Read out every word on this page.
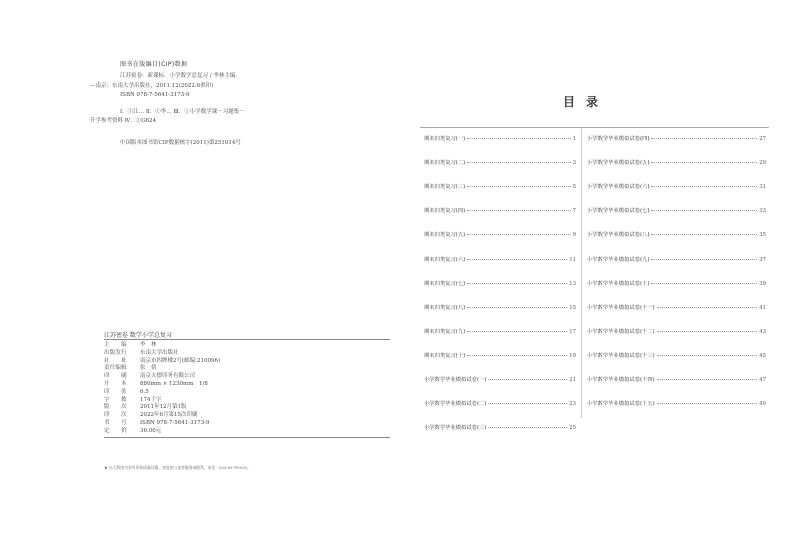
图书在版编目(CIP)数据
江苏密卷：新课标．小学数学总复习 / 李林主编．
—南京：东南大学出版社，2011.12(2022.6重印)
ISBN 978-7-5641-3173-9
Ⅰ．①江… Ⅱ．①李… Ⅲ．①小学数学课－习题集－
升学参考资料 Ⅳ．①G624
中国版本图书馆CIP数据核字(2011)第251014号
江苏密卷 数学小学总复习
主　　编	李　林
出版发行	东南大学出版社
社　　址	南京市四牌楼2号(邮编:210096)
责任编辑	张　倩
印　　刷	南京天德印务有限公司
开　　本	880mm × 1230mm　1/8
印　　张	6.5
字　　数	174千字
版　　次	2011年12月第1版
印　　次	2022年6月第15次印刷
书　　号	ISBN 978-7-5641-3173-9
定　　价	36.00元
★ 东大版图书若有印装质量问题，请直接与读者服务部联系，电话：025-83790525。
目录
期末归类复习(一)	1
期末归类复习(二)	3
期末归类复习(三)	5
期末归类复习(四)	7
期末归类复习(五)	9
期末归类复习(六)	11
期末归类复习(七)	13
期末归类复习(八)	15
期末归类复习(九)	17
期末归类复习(十)	19
小学数学毕业模拟试卷(一)	21
小学数学毕业模拟试卷(二)	23
小学数学毕业模拟试卷(三)	25
小学数学毕业模拟试卷(四)	27
小学数学毕业模拟试卷(五)	29
小学数学毕业模拟试卷(六)	31
小学数学毕业模拟试卷(七)	33
小学数学毕业模拟试卷(八)	35
小学数学毕业模拟试卷(九)	37
小学数学毕业模拟试卷(十)	39
小学数学毕业模拟试卷(十一)	41
小学数学毕业模拟试卷(十二)	43
小学数学毕业模拟试卷(十三)	45
小学数学毕业模拟试卷(十四)	47
小学数学毕业模拟试卷(十五)	49
